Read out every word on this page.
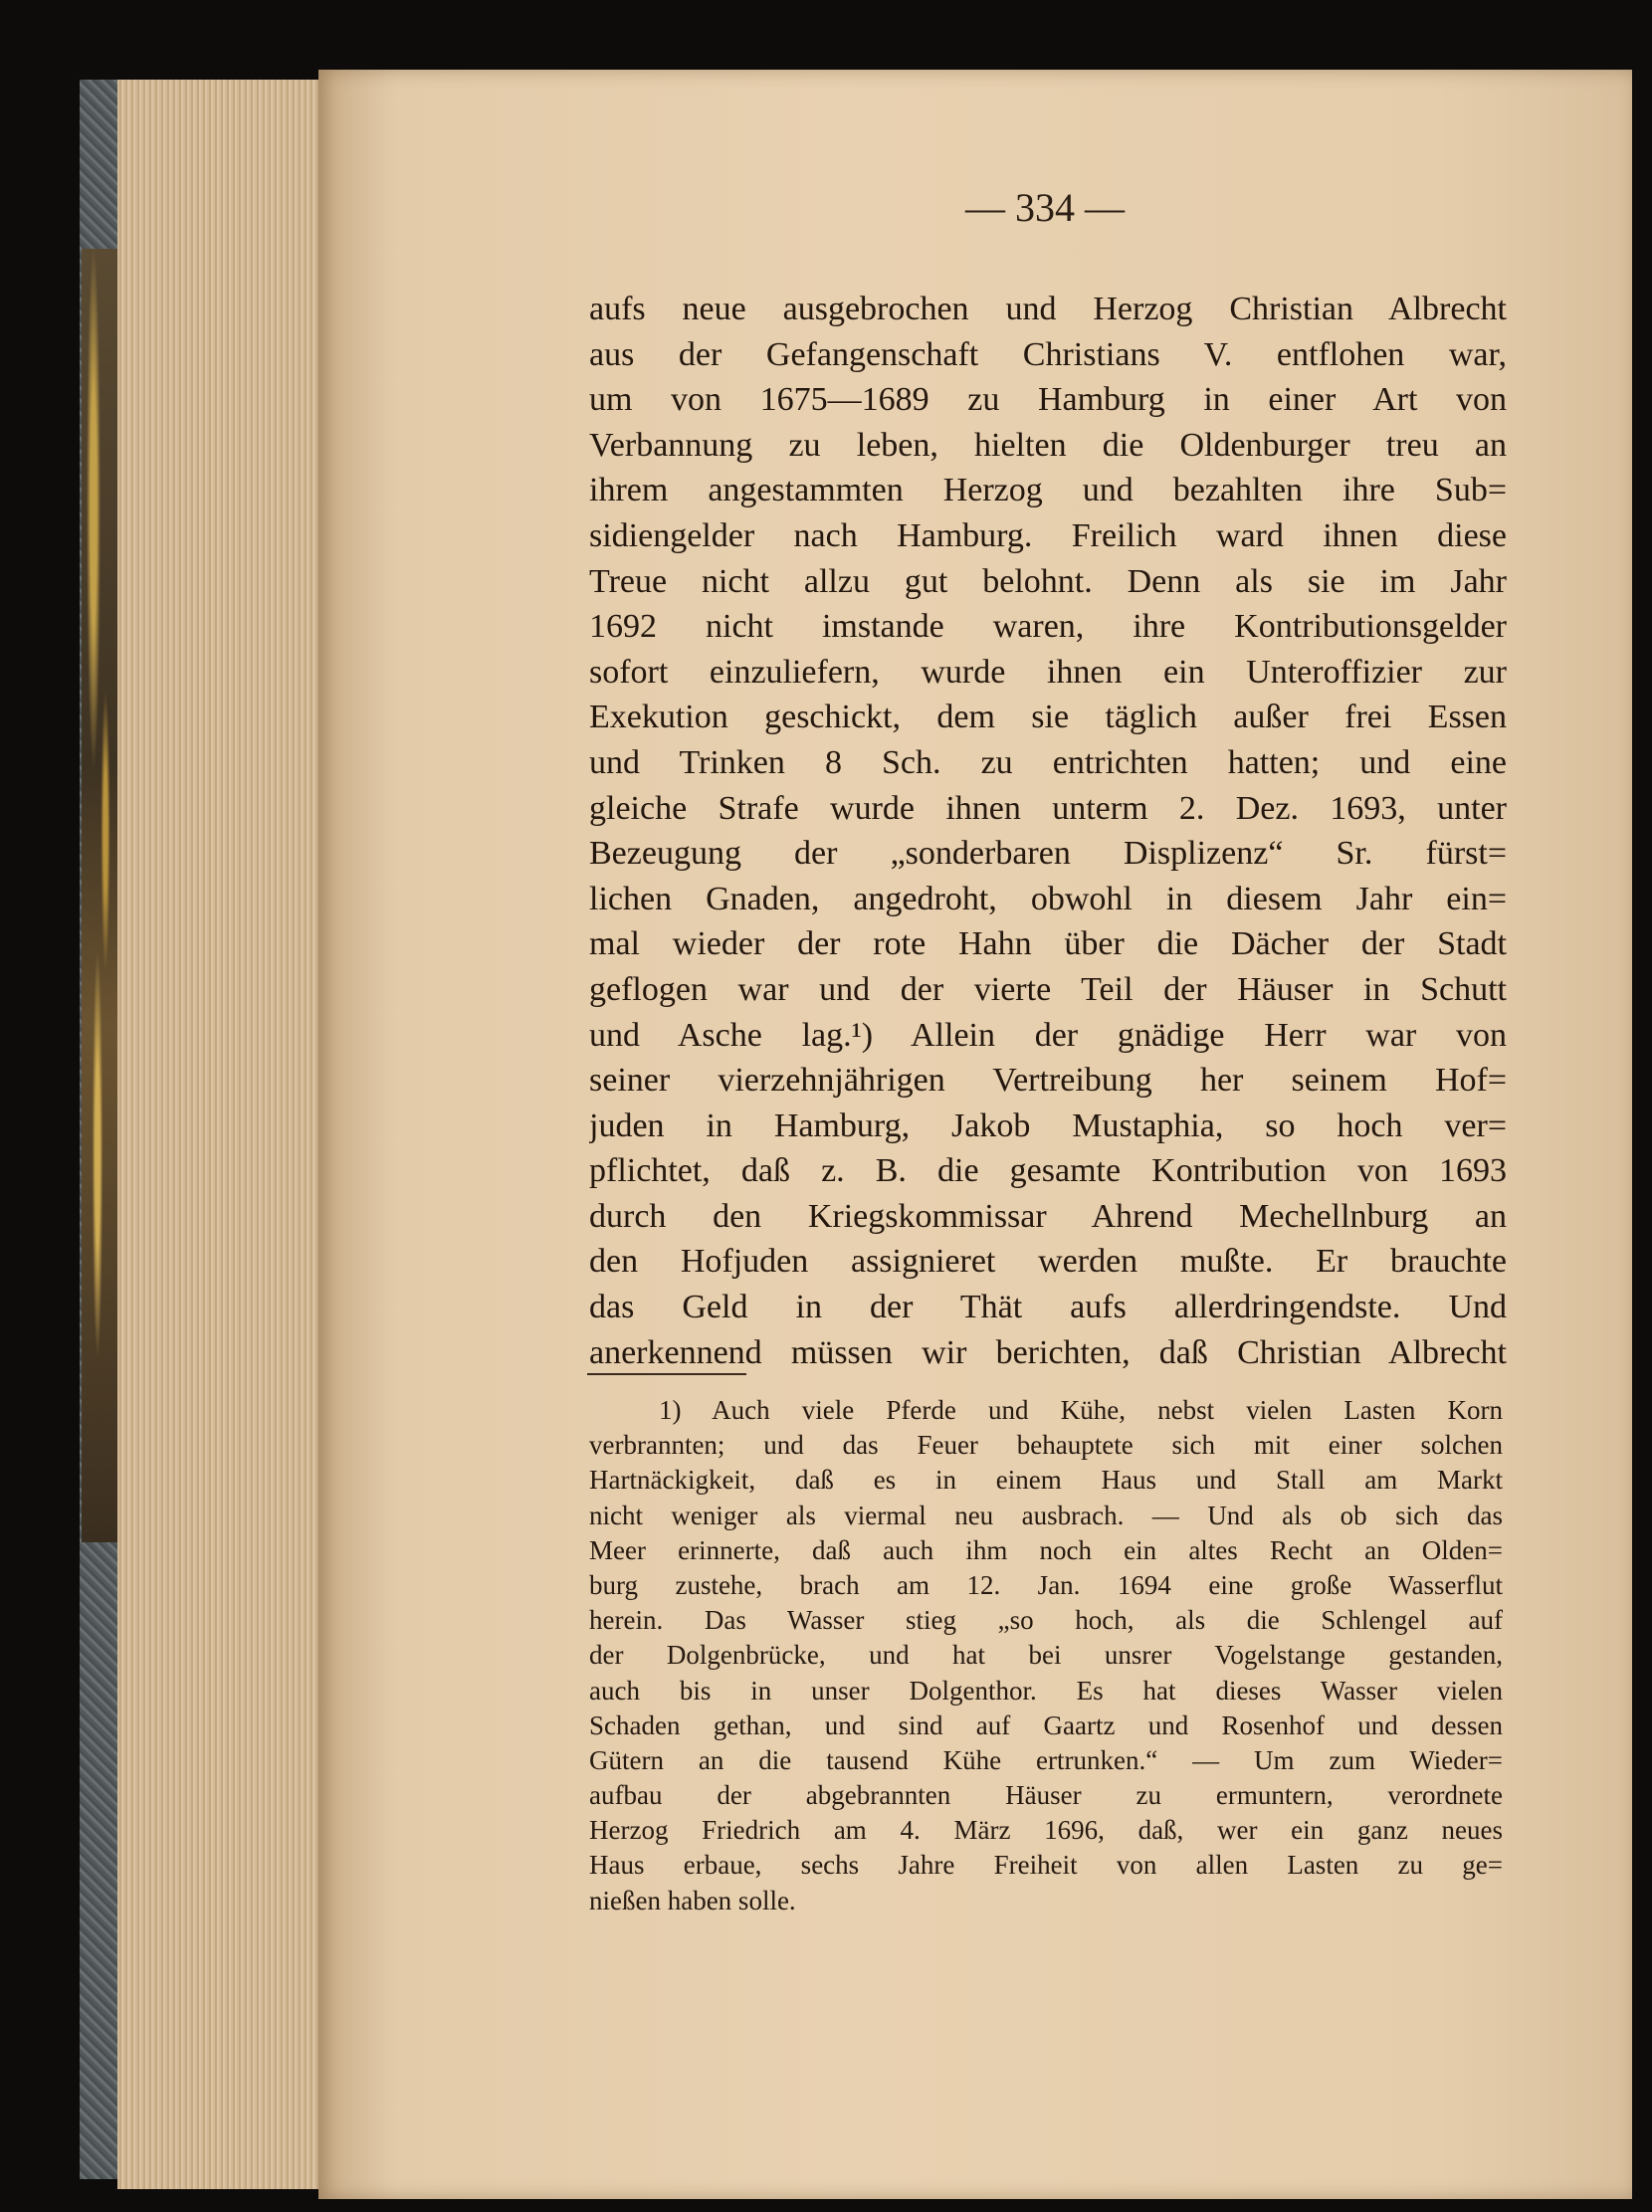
— 334 —
aufs neue ausgebrochen und Herzog Christian Albrecht
aus der Gefangenschaft Christians V. entflohen war,
um von 1675—1689 zu Hamburg in einer Art von
Verbannung zu leben, hielten die Oldenburger treu an
ihrem angestammten Herzog und bezahlten ihre Sub=
sidiengelder nach Hamburg. Freilich ward ihnen diese
Treue nicht allzu gut belohnt. Denn als sie im Jahr
1692 nicht imstande waren, ihre Kontributionsgelder
sofort einzuliefern, wurde ihnen ein Unteroffizier zur
Exekution geschickt, dem sie täglich außer frei Essen
und Trinken 8 Sch. zu entrichten hatten; und eine
gleiche Strafe wurde ihnen unterm 2. Dez. 1693, unter
Bezeugung der „sonderbaren Displizenz“ Sr. fürst=
lichen Gnaden, angedroht, obwohl in diesem Jahr ein=
mal wieder der rote Hahn über die Dächer der Stadt
geflogen war und der vierte Teil der Häuser in Schutt
und Asche lag.¹) Allein der gnädige Herr war von
seiner vierzehnjährigen Vertreibung her seinem Hof=
juden in Hamburg, Jakob Mustaphia, so hoch ver=
pflichtet, daß z. B. die gesamte Kontribution von 1693
durch den Kriegskommissar Ahrend Mechellnburg an
den Hofjuden assignieret werden mußte. Er brauchte
das Geld in der Thät aufs allerdringendste. Und
anerkennend müssen wir berichten, daß Christian Albrecht
1) Auch viele Pferde und Kühe, nebst vielen Lasten Korn
verbrannten; und das Feuer behauptete sich mit einer solchen
Hartnäckigkeit, daß es in einem Haus und Stall am Markt
nicht weniger als viermal neu ausbrach. — Und als ob sich das
Meer erinnerte, daß auch ihm noch ein altes Recht an Olden=
burg zustehe, brach am 12. Jan. 1694 eine große Wasserflut
herein. Das Wasser stieg „so hoch, als die Schlengel auf
der Dolgenbrücke, und hat bei unsrer Vogelstange gestanden,
auch bis in unser Dolgenthor. Es hat dieses Wasser vielen
Schaden gethan, und sind auf Gaartz und Rosenhof und dessen
Gütern an die tausend Kühe ertrunken.“ — Um zum Wieder=
aufbau der abgebrannten Häuser zu ermuntern, verordnete
Herzog Friedrich am 4. März 1696, daß, wer ein ganz neues
Haus erbaue, sechs Jahre Freiheit von allen Lasten zu ge=
nießen haben solle.
